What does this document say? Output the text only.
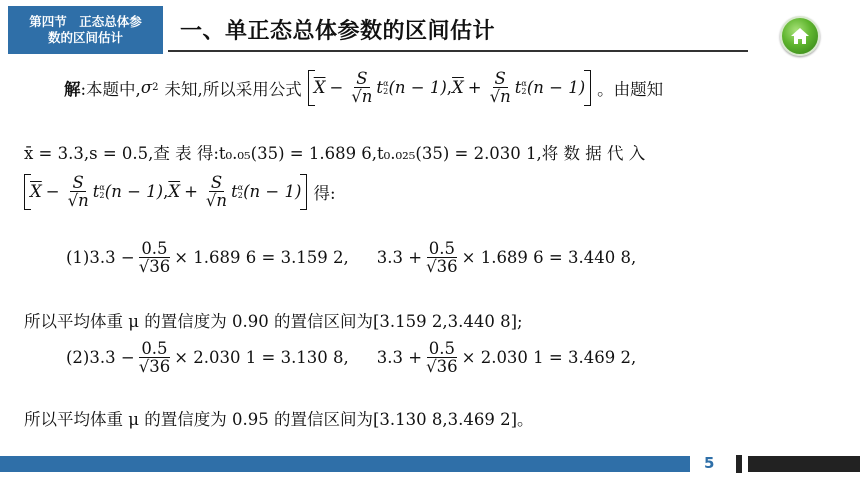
第四节　正态总体参
数的区间估计	一、单正态总体参数的区间估计
解 :本题中, σ 2 未知,所以采用公式 $\overline{X} - \frac{S}{√n}$ t α
2 (n − 1) , $\overline{X} + \frac{S}{√n}$ t α
2 (n − 1) 。由题知
x̄ = 3.3,s = 0.5,查 表 得:t₀.₀₅(35) = 1.689 6,t₀.₀₂₅(35) = 2.030 1,将 数 据 代 入
$\overline{X} - \frac{S}{√n}$ t α
2 (n − 1) , $\overline{X} + \frac{S}{√n}$ t α
2 (n − 1) 得:
$(1)3.3 - \frac{0.5}{√36} \times 1.689$ 6 = 3.159 2, $3.3 + \frac{0.5}{√36} \times 1.689$ 6 = 3.440 8,
所以平均体重 μ 的置信度为 0.90 的置信区间为[3.159 2,3.440 8];
$(2)3.3 - \frac{0.5}{√36} \times 2.030$ 1 = 3.130 8, $3.3 + \frac{0.5}{√36} \times 2.030$ 1 = 3.469 2,
所以平均体重 μ 的置信度为 0.95 的置信区间为[3.130 8,3.469 2]。
5
